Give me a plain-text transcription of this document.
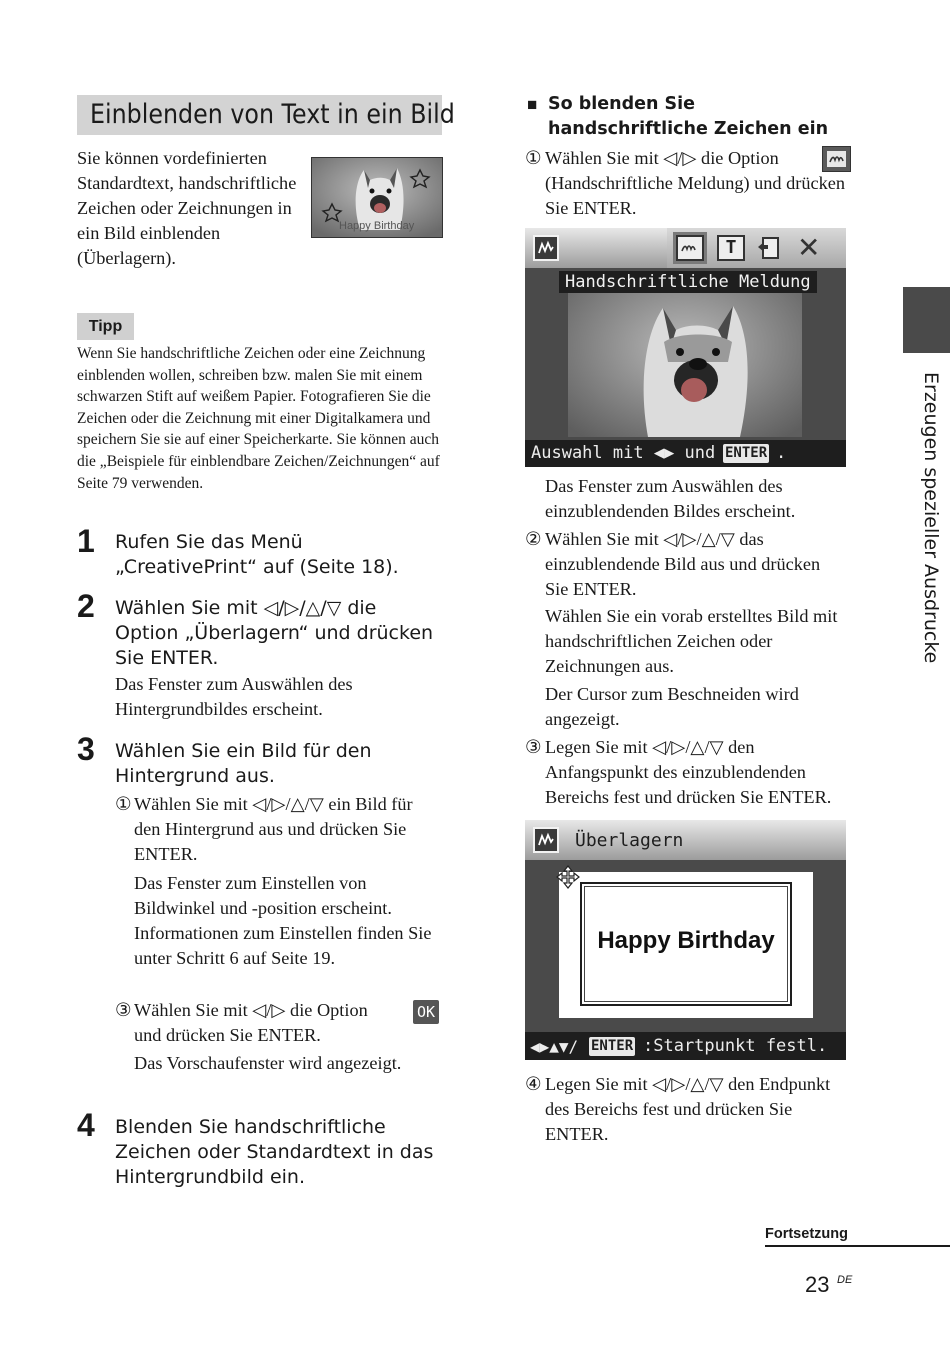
Einblenden von Text in ein Bild
Sie können vordefinierten Standardtext, handschriftliche Zeichen oder Zeichnungen in ein Bild einblenden (Überlagern).
Happy Birthday
Tipp
Wenn Sie handschriftliche Zeichen oder eine Zeichnung einblenden wollen, schreiben bzw. malen Sie mit einem schwarzen Stift auf weißem Papier. Fotografieren Sie die Zeichen oder die Zeichnung mit einer Digitalkamera und speichern Sie sie auf einer Speicherkarte. Sie können auch die „Beispiele für einblendbare Zeichen/Zeichnungen“ auf Seite 79 verwenden.
1 Rufen Sie das Menü „CreativePrint“ auf (Seite 18).
2 Wählen Sie mit ◁/▷/△/▽ die Option „Überlagern“ und drücken Sie ENTER.
Das Fenster zum Auswählen des Hintergrundbildes erscheint.
3 Wählen Sie ein Bild für den Hintergrund aus.
① Wählen Sie mit ◁/▷/△/▽ ein Bild für den Hintergrund aus und drücken Sie ENTER.
Das Fenster zum Einstellen von Bildwinkel und -position erscheint. Informationen zum Einstellen finden Sie unter Schritt 6 auf Seite 19.
③ Wählen Sie mit ◁/▷ die Option	OK
und drücken Sie ENTER.
Das Vorschaufenster wird angezeigt.
4 Blenden Sie handschriftliche Zeichen oder Standardtext in das Hintergrundbild ein.
■ So blenden Sie handschriftliche Zeichen ein
① Wählen Sie mit ◁/▷ die Option
(Handschriftliche Meldung) und drücken Sie ENTER.
T	✕
Handschriftliche Meldung
Auswahl mit ◀▶ und ENTER .
Das Fenster zum Auswählen des einzublendenden Bildes erscheint.
② Wählen Sie mit ◁/▷/△/▽ das einzublendende Bild aus und drücken Sie ENTER.
Wählen Sie ein vorab erstelltes Bild mit handschriftlichen Zeichen oder Zeichnungen aus.
Der Cursor zum Beschneiden wird angezeigt.
③ Legen Sie mit ◁/▷/△/▽ den Anfangspunkt des einzublendenden Bereichs fest und drücken Sie ENTER.
Überlagern
Happy Birthday
◀▶▲▼/ ENTER :Startpunkt festl.
④ Legen Sie mit ◁/▷/△/▽ den Endpunkt des Bereichs fest und drücken Sie ENTER.
Erzeugen spezieller Ausdrucke
Fortsetzung
23 DE
